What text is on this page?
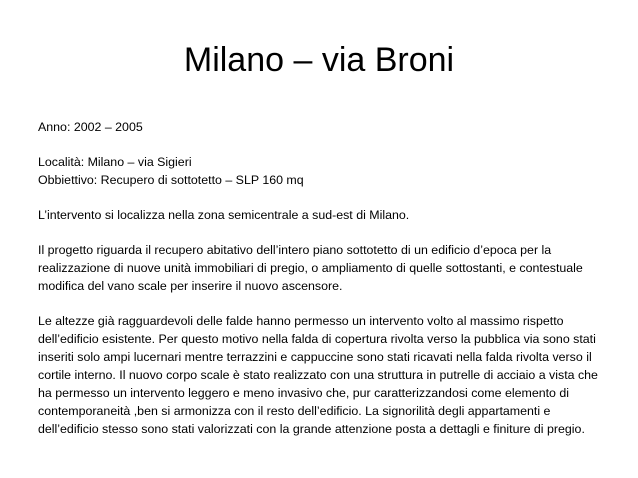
Milano – via Broni

Anno: 2002 – 2005

Località: Milano – via Sigieri

Obbiettivo: Recupero di sottotetto – SLP 160 mq

L’intervento si localizza nella zona semicentrale a sud-est di Milano.

Il progetto riguarda il recupero abitativo dell’intero piano sottotetto di un edificio d’epoca per la

realizzazione di nuove unità immobiliari di pregio, o ampliamento di quelle sottostanti, e contestuale

modifica del vano scale per inserire il nuovo ascensore.

Le altezze già ragguardevoli delle falde hanno permesso un intervento volto al massimo rispetto

dell’edificio esistente. Per questo motivo nella falda di copertura rivolta verso la pubblica via sono stati

inseriti solo ampi lucernari mentre terrazzini e cappuccine sono stati ricavati nella falda rivolta verso il

cortile interno. Il nuovo corpo scale è stato realizzato con una struttura in putrelle di acciaio a vista che

ha permesso un intervento leggero e meno invasivo che, pur caratterizzandosi come elemento di

contemporaneità ,ben si armonizza con il resto dell’edificio. La signorilità degli appartamenti e

dell’edificio stesso sono stati valorizzati con la grande attenzione posta a dettagli e finiture di pregio.
